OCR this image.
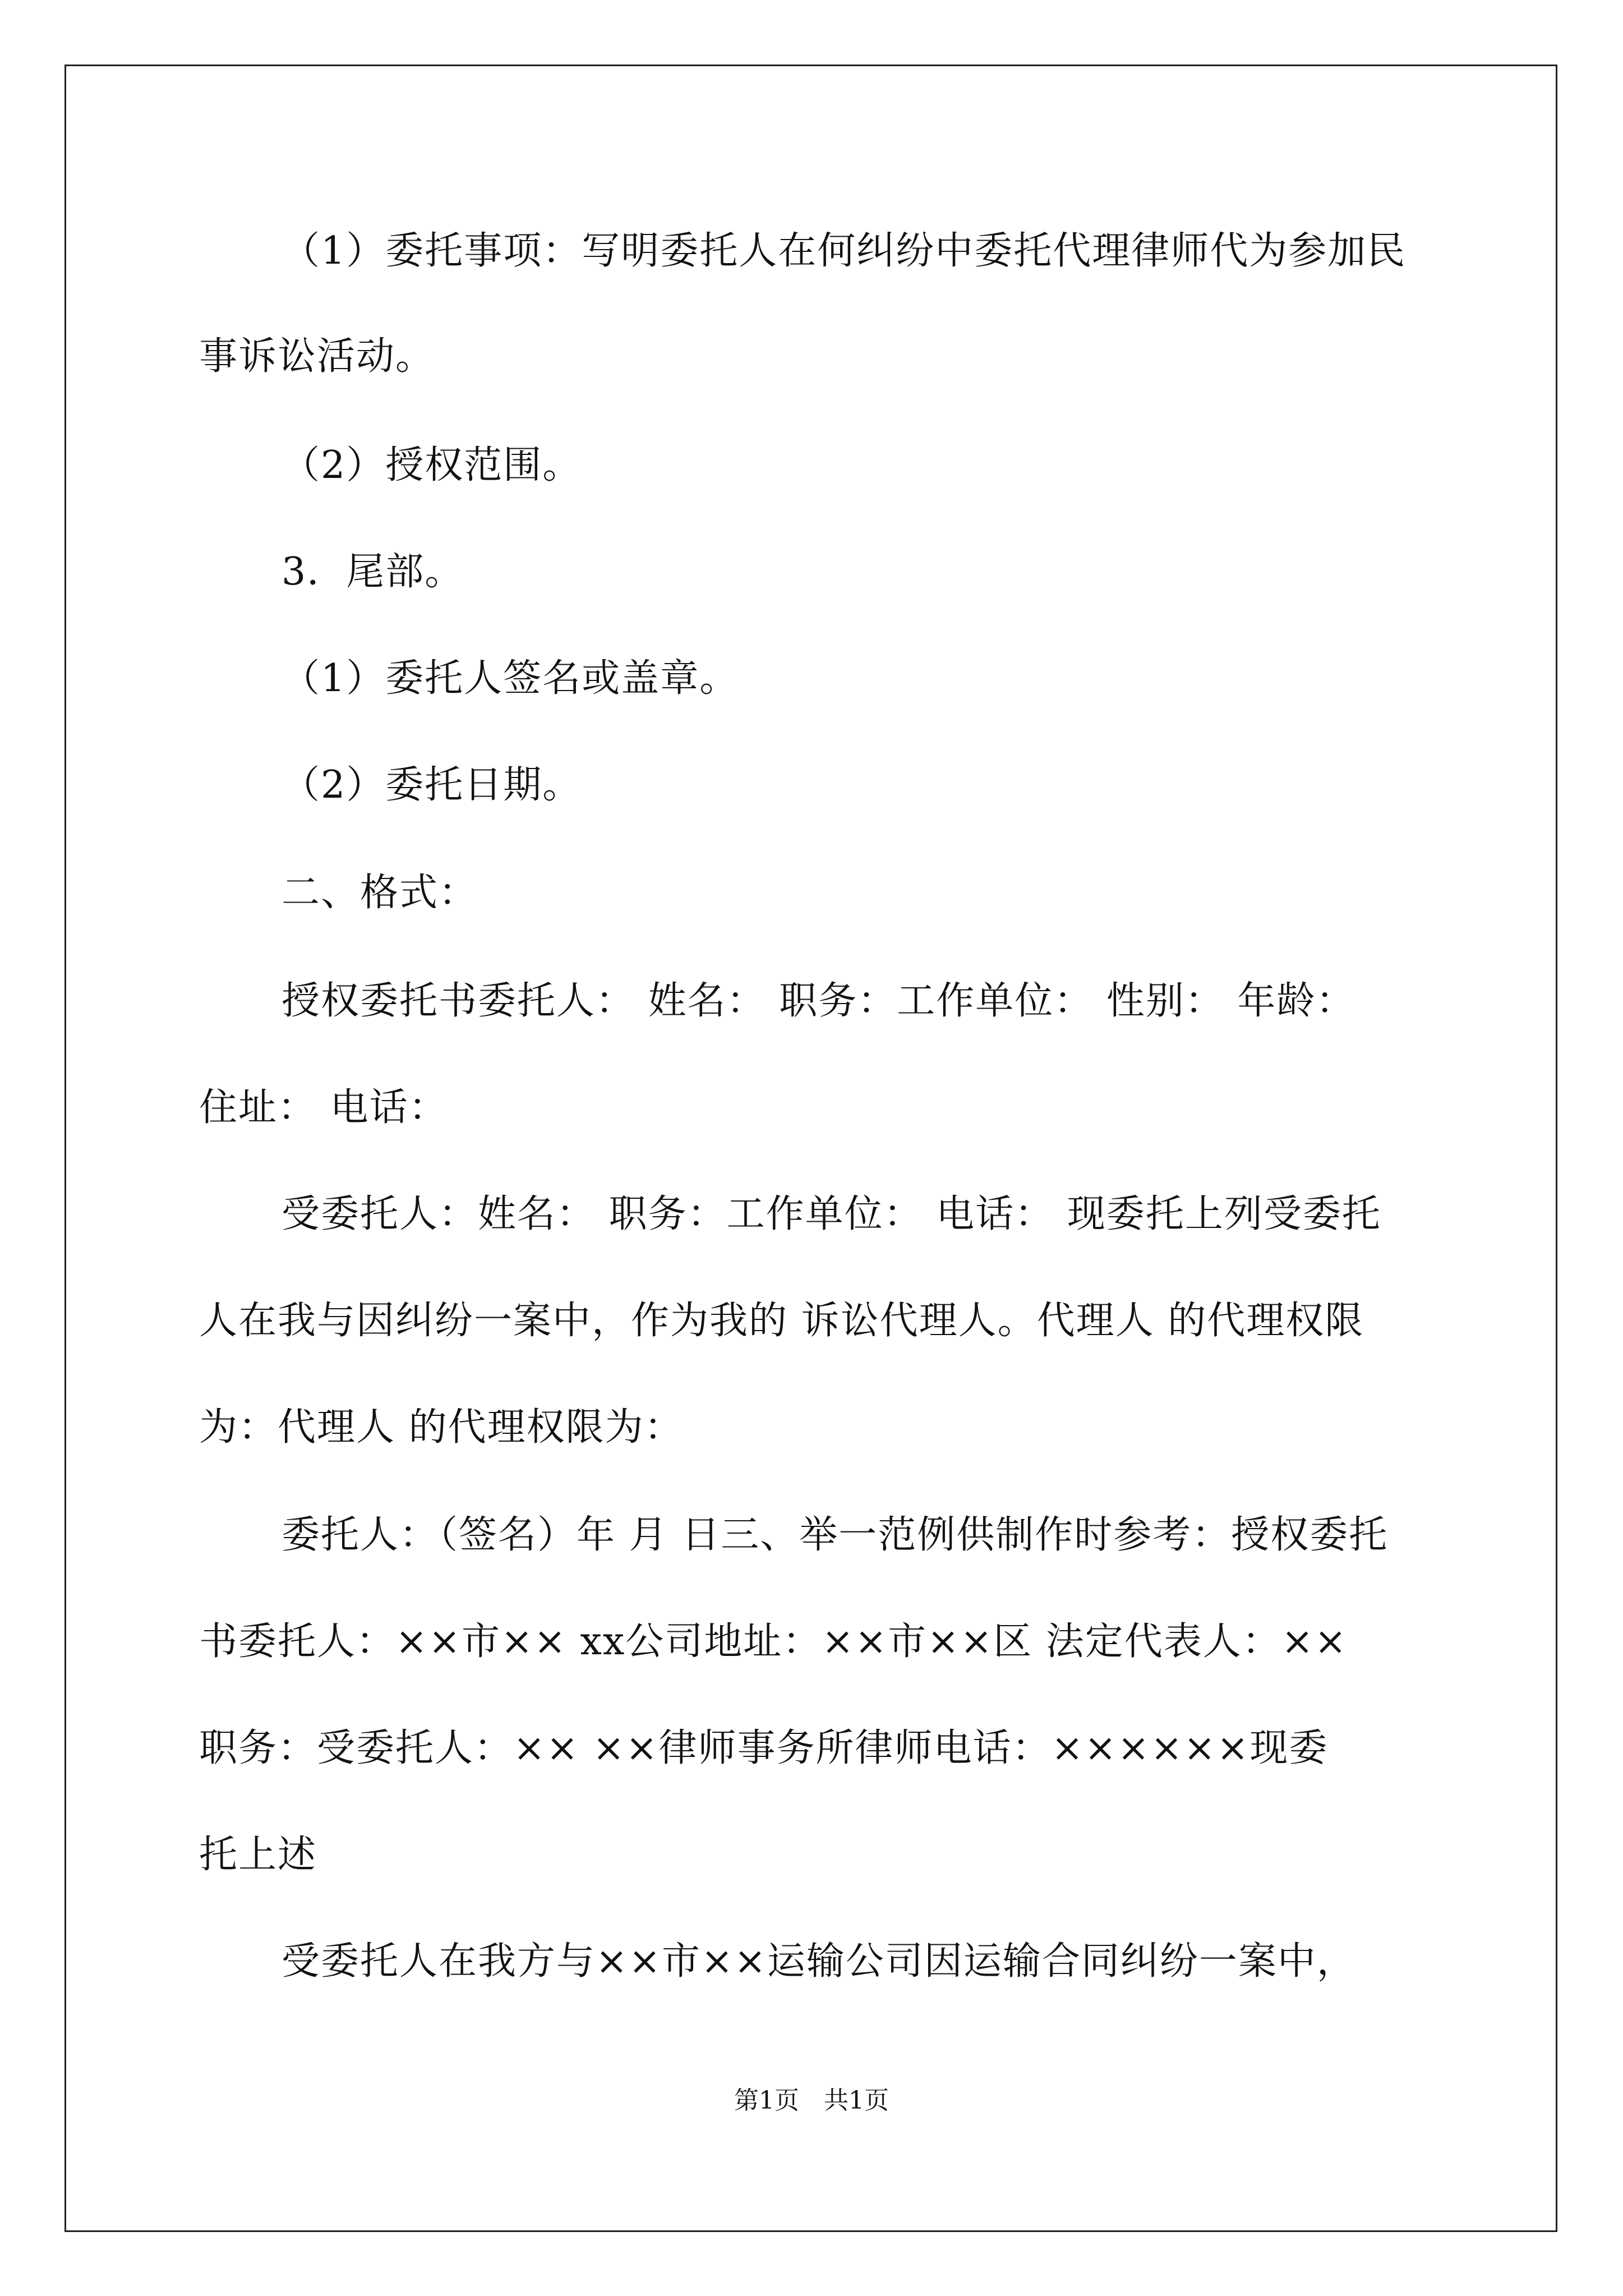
（1）委托事项：写明委托人在何纠纷中委托代理律师代为参加民
事诉讼活动。
（2）授权范围。
3．尾部。
（1）委托人签名或盖章。
（2）委托日期。
二、格式：
授权委托书委托人： 姓名： 职务：工作单位： 性别： 年龄：
住址： 电话：
受委托人：姓名： 职务：工作单位： 电话： 现委托上列受委托
人在我与因纠纷一案中，作为我的 诉讼代理人。代理人 的代理权限
为：代理人 的代理权限为：
委托人：（签名）年 月 日三、举一范例供制作时参考：授权委托
书委托人：××市×× xx公司地址：××市××区 法定代表人：××
职务：受委托人：×× ××律师事务所律师电话：××××××现委
托上述
受委托人在我方与××市××运输公司因运输合同纠纷一案中，
第1页　共1页
